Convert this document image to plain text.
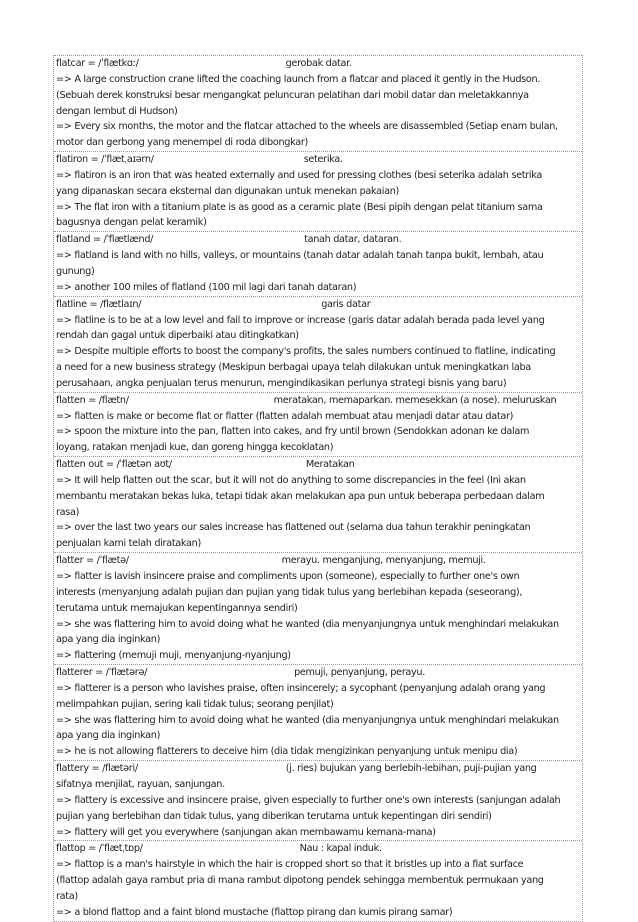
flatcar = /ˈflætkɑː/	gerobak datar.
=> A large construction crane lifted the coaching launch from a flatcar and placed it gently in the Hudson.
(Sebuah derek konstruksi besar mengangkat peluncuran pelatihan dari mobil datar dan meletakkannya
dengan lembut di Hudson)
=> Every six months, the motor and the flatcar attached to the wheels are disassembled (Setiap enam bulan,
motor dan gerbong yang menempel di roda dibongkar)
flatiron = /ˈflætˌaɪərn/	seterika.
=> flatiron is an iron that was heated externally and used for pressing clothes (besi seterika adalah setrika
yang dipanaskan secara eksternal dan digunakan untuk menekan pakaian)
=> The flat iron with a titanium plate is as good as a ceramic plate (Besi pipih dengan pelat titanium sama
bagusnya dengan pelat keramik)
flatland = /ˈflætlænd/	tanah datar, dataran.
=> flatland is land with no hills, valleys, or mountains (tanah datar adalah tanah tanpa bukit, lembah, atau
gunung)
=> another 100 miles of flatland (100 mil lagi dari tanah dataran)
flatline = /flætlaɪn/	garis datar
=> flatline is to be at a low level and fail to improve or increase (garis datar adalah berada pada level yang
rendah dan gagal untuk diperbaiki atau ditingkatkan)
=> Despite multiple efforts to boost the company's profits, the sales numbers continued to flatline, indicating
a need for a new business strategy (Meskipun berbagai upaya telah dilakukan untuk meningkatkan laba
perusahaan, angka penjualan terus menurun, mengindikasikan perlunya strategi bisnis yang baru)
flatten = /flætn/	meratakan, memaparkan. memesekkan (a nose). meluruskan
=> flatten is make or become flat or flatter (flatten adalah membuat atau menjadi datar atau datar)
=> spoon the mixture into the pan, flatten into cakes, and fry until brown (Sendokkan adonan ke dalam
loyang, ratakan menjadi kue, dan goreng hingga kecoklatan)
flatten out = /ˈflætən aʊt/	Meratakan
=> It will help flatten out the scar, but it will not do anything to some discrepancies in the feel (Ini akan
membantu meratakan bekas luka, tetapi tidak akan melakukan apa pun untuk beberapa perbedaan dalam
rasa)
=> over the last two years our sales increase has flattened out (selama dua tahun terakhir peningkatan
penjualan kami telah diratakan)
flatter = /ˈflætə/	merayu. menganjung, menyanjung, memuji.
=> flatter is lavish insincere praise and compliments upon (someone), especially to further one's own
interests (menyanjung adalah pujian dan pujian yang tidak tulus yang berlebihan kepada (seseorang),
terutama untuk memajukan kepentingannya sendiri)
=> she was flattering him to avoid doing what he wanted (dia menyanjungnya untuk menghindari melakukan
apa yang dia inginkan)
=> flattering (memuji muji, menyanjung-nyanjung)
flatterer = /ˈflætərə/	pemuji, penyanjung, perayu.
=> flatterer is a person who lavishes praise, often insincerely; a sycophant (penyanjung adalah orang yang
melimpahkan pujian, sering kali tidak tulus; seorang penjilat)
=> she was flattering him to avoid doing what he wanted (dia menyanjungnya untuk menghindari melakukan
apa yang dia inginkan)
=> he is not allowing flatterers to deceive him (dia tidak mengizinkan penyanjung untuk menipu dia)
flattery = /flætəri/	(j. ries) bujukan yang berlebih-lebihan, puji-pujian yang
sifatnya menjilat, rayuan, sanjungan.
=> flattery is excessive and insincere praise, given especially to further one's own interests (sanjungan adalah
pujian yang berlebihan dan tidak tulus, yang diberikan terutama untuk kepentingan diri sendiri)
=> flattery will get you everywhere (sanjungan akan membawamu kemana-mana)
flattop = /ˈflætˌtɒp/	Nau : kapal induk.
=> flattop is a man's hairstyle in which the hair is cropped short so that it bristles up into a flat surface
(flattop adalah gaya rambut pria di mana rambut dipotong pendek sehingga membentuk permukaan yang
rata)
=> a blond flattop and a faint blond mustache (flattop pirang dan kumis pirang samar)
